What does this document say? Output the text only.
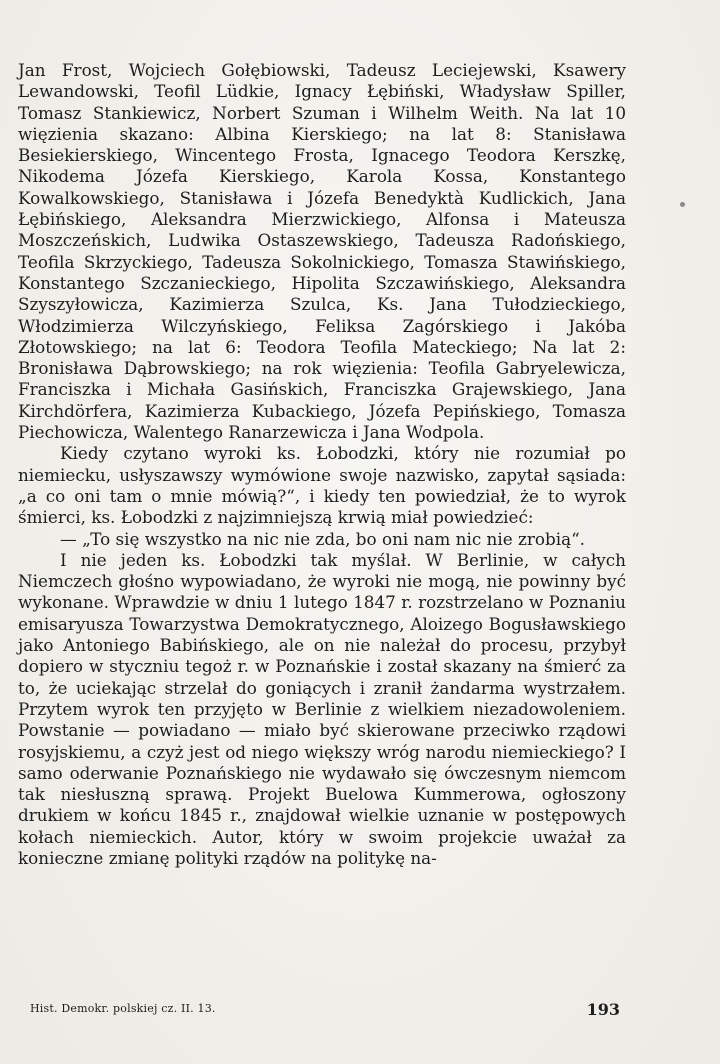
Jan Frost, Wojciech Gołębiowski, Tadeusz Leciejewski, Ksawery Lewandowski, Teofil Lüdkie, Ignacy Łębiński, Władysław Spiller, Tomasz Stankiewicz, Norbert Szuman i Wilhelm Weith. Na lat 10 więzienia skazano: Albina Kierskiego; na lat 8: Stanisława Besiekierskiego, Wincentego Frosta, Ignacego Teodora Kerszkę, Nikodema Józefa Kierskiego, Karola Kossa, Konstantego Kowalkowskiego, Stanisława i Józefa Benedyktà Kudlickich, Jana Łębińskiego, Aleksandra Mierzwickiego, Alfonsa i Mateusza Moszczeńskich, Ludwika Ostaszewskiego, Tadeusza Radońskiego, Teofila Skrzyckiego, Tadeusza Sokolnickiego, Tomasza Stawińskiego, Konstantego Szczanieckiego, Hipolita Szczawińskiego, Aleksandra Szyszyłowicza, Kazimierza Szulca, Ks. Jana Tułodzieckiego, Włodzimierza Wilczyńskiego, Feliksa Zagórskiego i Jakóba Złotowskiego; na lat 6: Teodora Teofila Mateckiego; Na lat 2: Bronisława Dąbrowskiego; na rok więzienia: Teofila Gabryelewicza, Franciszka i Michała Gasińskich, Franciszka Grajewskiego, Jana Kirchdörfera, Kazimierza Kubackiego, Józefa Pepińskiego, Tomasza Piechowicza, Walentego Ranarzewicza i Jana Wodpola.

Kiedy czytano wyroki ks. Łobodzki, który nie rozumiał po niemiecku, usłyszawszy wymówione swoje nazwisko, zapytał sąsiada: „a co oni tam o mnie mówią?“, i kiedy ten powiedział, że to wyrok śmierci, ks. Łobodzki z najzimniejszą krwią miał powiedzieć:

— „To się wszystko na nic nie zda, bo oni nam nic nie zrobią“.

I nie jeden ks. Łobodzki tak myślał. W Berlinie, w całych Niemczech głośno wypowiadano, że wyroki nie mogą, nie powinny być wykonane. Wprawdzie w dniu 1 lutego 1847 r. rozstrzelano w Poznaniu emisaryusza Towarzystwa Demokratycznego, Aloizego Bogusławskiego jako Antoniego Babińskiego, ale on nie należał do procesu, przybył dopiero w styczniu tegoż r. w Poznańskie i został skazany na śmierć za to, że uciekając strzelał do goniących i zranił żandarma wystrzałem. Przytem wyrok ten przyjęto w Berlinie z wielkiem niezadowoleniem. Powstanie — powiadano — miało być skierowane przeciwko rządowi rosyjskiemu, a czyż jest od niego większy wróg narodu niemieckiego? I samo oderwanie Poznańskiego nie wydawało się ówczesnym niemcom tak niesłuszną sprawą. Projekt Buelowa Kummerowa, ogłoszony drukiem w końcu 1845 r., znajdował wielkie uznanie w postępowych kołach niemieckich. Autor, który w swoim projekcie uważał za konieczne zmianę polityki rządów na politykę na-

Hist. Demokr. polskiej cz. II. 13.	193
